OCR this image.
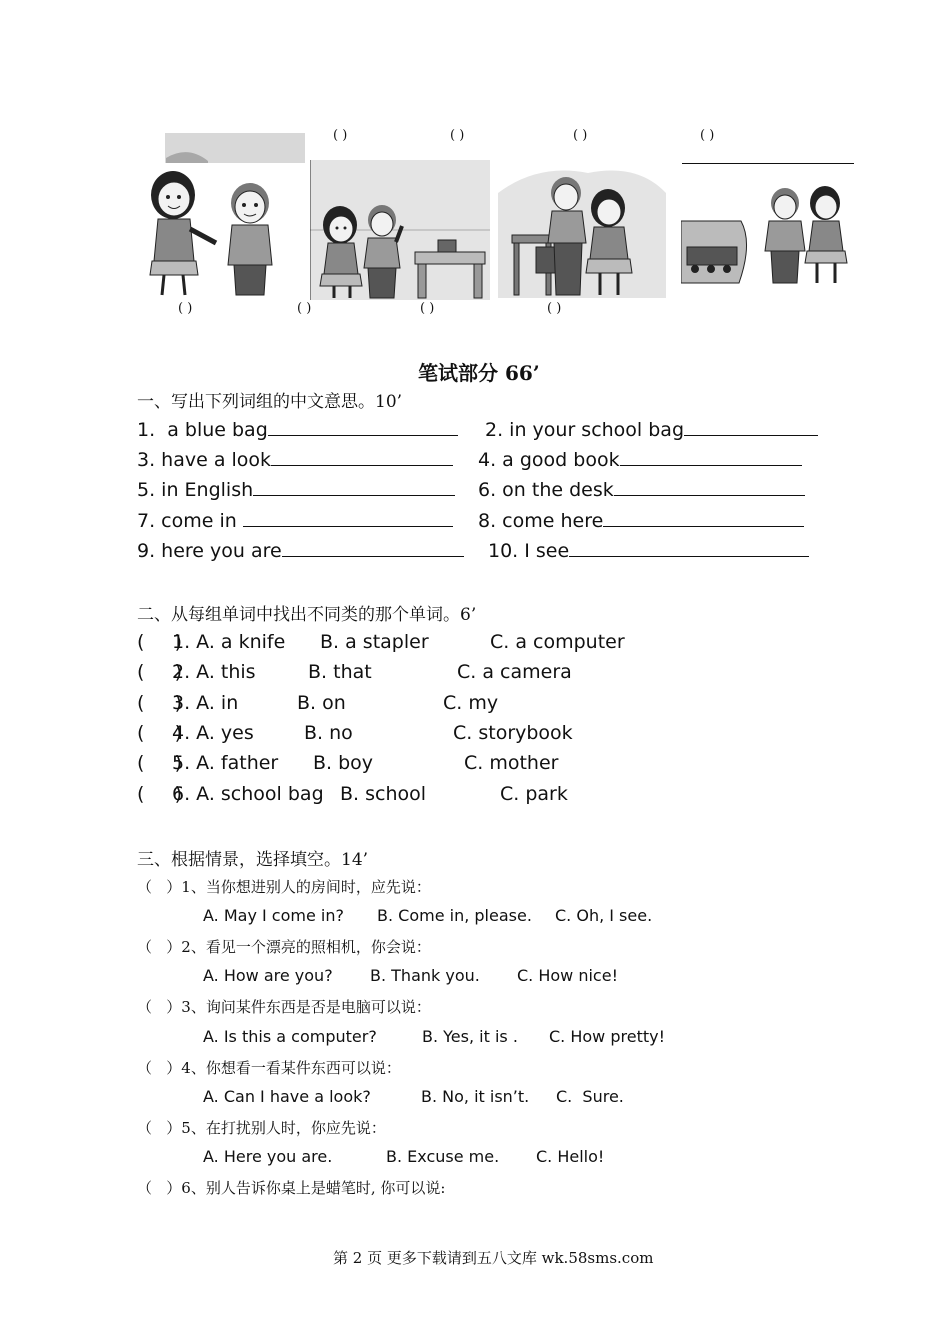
( )	( )	( )	( )
( )	( )	( )	( )
笔试部分 66’
一、写出下列词组的中文意思。10’
1.  a blue bag	2. in your school bag
3. have a look	4. a good book
5. in English	6. on the desk
7. come in	8. come here
9. here you are	10. I see
二、从每组单词中找出不同类的那个单词。6’
(     )
1. A. a knife B. a stapler	C. a computer
(     )
2. A. this	B. that	C. a camera
(     )
3. A. in	B. on	C. my
(     )
4. A. yes	B. no	C. storybook
(     )
5. A. father B. boy	C. mother
(     )
6. A. school bag B. school	C. park
三、根据情景，选择填空。14’
（   ）1、当你想进别人的房间时，应先说：
A. May I come in? B. Come in, please. C. Oh, I see.
（   ）2、看见一个漂亮的照相机，你会说：
A. How are you? B. Thank you. C. How nice!
（   ）3、询问某件东西是否是电脑可以说：
A. Is this a computer?	B. Yes, it is . C. How pretty!
（   ）4、你想看一看某件东西可以说：
A. Can I have a look?	B. No, it isn’t. C.  Sure.
（   ）5、在打扰别人时，你应先说：
A. Here you are.	B. Excuse me. C. Hello!
（   ）6、别人告诉你桌上是蜡笔时, 你可以说:
第 2 页 更多下载请到五八文库 wk.58sms.com
